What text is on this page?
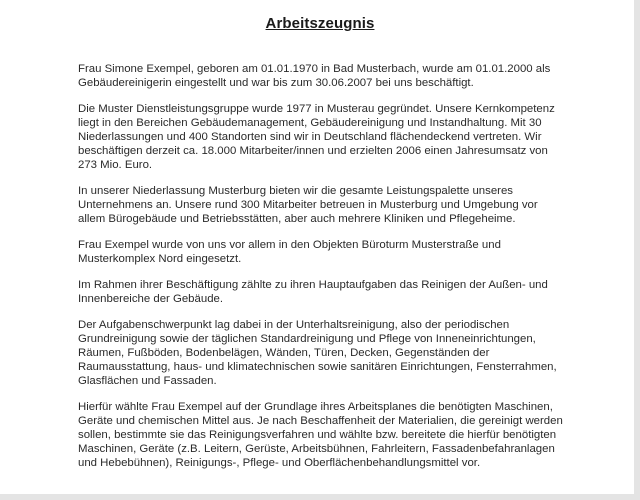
Arbeitszeugnis

Frau Simone Exempel, geboren am 01.01.1970 in Bad Musterbach, wurde am 01.01.2000 als Gebäudereinigerin eingestellt und war bis zum 30.06.2007 bei uns beschäftigt.

Die Muster Dienstleistungsgruppe wurde 1977 in Musterau gegründet. Unsere Kernkompetenz liegt in den Bereichen Gebäudemanagement, Gebäudereinigung und Instandhaltung. Mit 30 Niederlassungen und 400 Standorten sind wir in Deutschland flächendeckend vertreten. Wir beschäftigen derzeit ca. 18.000 Mitarbeiter/innen und erzielten 2006 einen Jahresumsatz von 273 Mio. Euro.

In unserer Niederlassung Musterburg bieten wir die gesamte Leistungspalette unseres Unternehmens an. Unsere rund 300 Mitarbeiter betreuen in Musterburg und Umgebung vor allem Bürogebäude und Betriebsstätten, aber auch mehrere Kliniken und Pflegeheime.

Frau Exempel wurde von uns vor allem in den Objekten Büroturm Musterstraße und Musterkomplex Nord eingesetzt.

Im Rahmen ihrer Beschäftigung zählte zu ihren Hauptaufgaben das Reinigen der Außen- und Innenbereiche der Gebäude.

Der Aufgabenschwerpunkt lag dabei in der Unterhaltsreinigung, also der periodischen Grundreinigung sowie der täglichen Standardreinigung und Pflege von Inneneinrichtungen, Räumen, Fußböden, Bodenbelägen, Wänden, Türen, Decken, Gegenständen der Raumausstattung, haus- und klimatechnischen sowie sanitären Einrichtungen, Fensterrahmen, Glasflächen und Fassaden.

Hierfür wählte Frau Exempel auf der Grundlage ihres Arbeitsplanes die benötigten Maschinen, Geräte und chemischen Mittel aus. Je nach Beschaffenheit der Materialien, die gereinigt werden sollen, bestimmte sie das Reinigungsverfahren und wählte bzw. bereitete die hierfür benötigten Maschinen, Geräte (z.B. Leitern, Gerüste, Arbeitsbühnen, Fahrleitern, Fassadenbefahranlagen und Hebebühnen), Reinigungs-, Pflege- und Oberflächenbehandlungsmittel vor.
